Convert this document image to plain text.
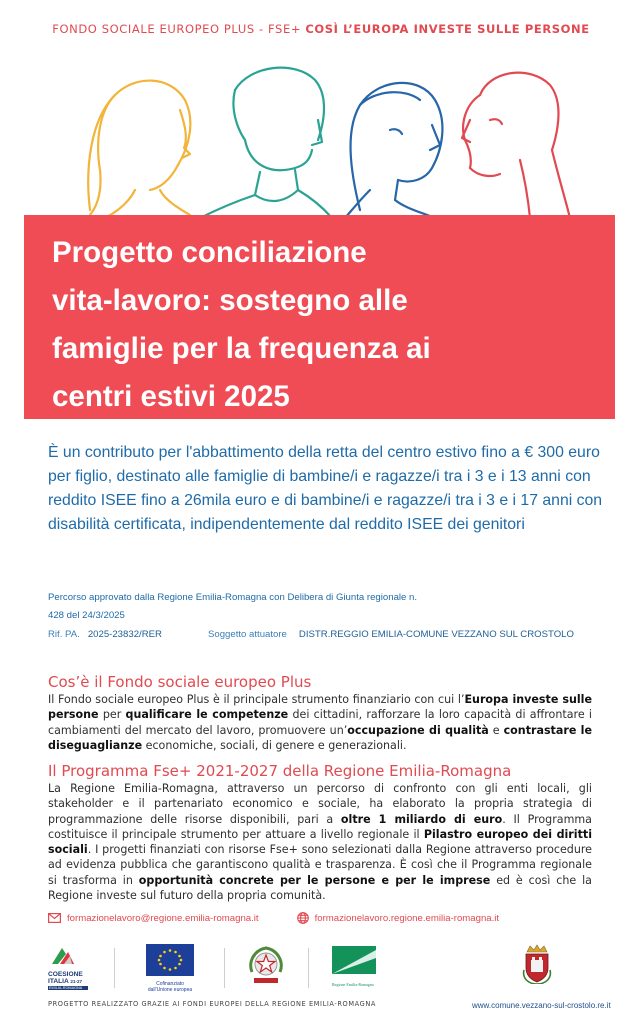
FONDO SOCIALE EUROPEO PLUS - FSE+ COSÌ L’EUROPA INVESTE SULLE PERSONE
Progetto conciliazione
vita-lavoro: sostegno alle
famiglie per la frequenza ai
centri estivi 2025

È un contributo per l'abbattimento della retta del centro estivo fino a € 300 euro per figlio, destinato alle famiglie di bambine/i e ragazze/i tra i 3 e i 13 anni con reddito ISEE fino a 26mila euro e di bambine/i e ragazze/i tra i 3 e i 17 anni con disabilità certificata, indipendentemente dal reddito ISEE dei genitori

Percorso approvato dalla Regione Emilia-Romagna con Delibera di Giunta regionale n.
428 del 24/3/2025
Rif. PA. 2025-23832/RER	Soggetto attuatore DISTR.REGGIO EMILIA-COMUNE VEZZANO SUL CROSTOLO
Cos’è il Fondo sociale europeo Plus

Il Fondo sociale europeo Plus è il principale strumento finanziario con cui l’Europa investe sulle persone per qualificare le competenze dei cittadini, rafforzare la loro capacità di affrontare i cambiamenti del mercato del lavoro, promuovere un’occupazione di qualità e contrastare le diseguaglianze economiche, sociali, di genere e generazionali.

Il Programma Fse+ 2021-2027 della Regione Emilia-Romagna

La Regione Emilia-Romagna, attraverso un percorso di confronto con gli enti locali, gli stakeholder e il partenariato economico e sociale, ha elaborato la propria strategia di programmazione delle risorse disponibili, pari a oltre 1 miliardo di euro. Il Programma costituisce il principale strumento per attuare a livello regionale il Pilastro europeo dei diritti sociali. I progetti finanziati con risorse Fse+ sono selezionati dalla Regione attraverso procedure ad evidenza pubblica che garantiscono qualità e trasparenza. È così che il Programma regionale si trasforma in opportunità concrete per le persone e per le imprese ed è così che la Regione investe sul futuro della propria comunità.

formazionelavoro@regione.emilia-romagna.it	formazionelavoro.regione.emilia-romagna.it
COESIONE
ITALIA 21-27
EMILIA-ROMAGNA
Cofinanziato
dall'Unione europea
Regione Emilia-Romagna
PROGETTO REALIZZATO GRAZIE AI FONDI EUROPEI DELLA REGIONE EMILIA-ROMAGNA	www.comune.vezzano-sul-crostolo.re.it
